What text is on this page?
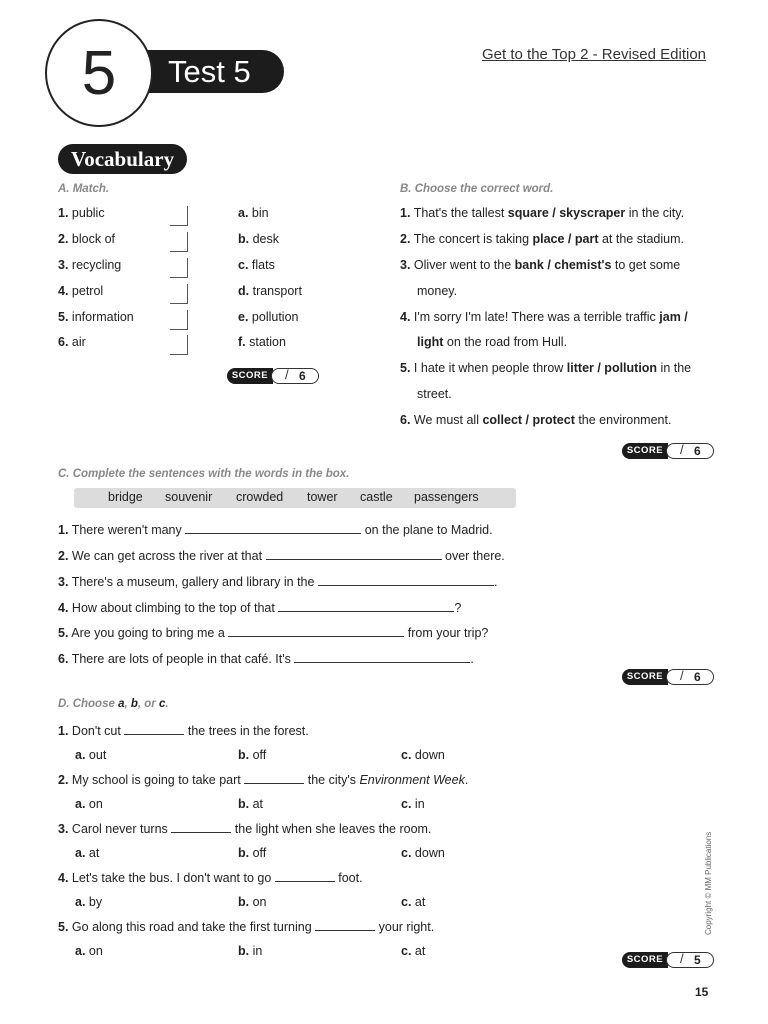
5	Test 5	Get to the Top 2 - Revised Edition
Vocabulary
A. Match.
1. public
2. block of
3. recycling
4. petrol
5. information
6. air
a. bin
b. desk
c. flats
d. transport
e. pollution
f. station
SCORE	/ 6
B. Choose the correct word.
1. That's the tallest square / skyscraper in the city.
2. The concert is taking place / part at the stadium.
3. Oliver went to the bank / chemist's to get some
money.
4. I'm sorry I'm late! There was a terrible traffic jam /
light on the road from Hull.
5. I hate it when people throw litter / pollution in the
street.
6. We must all collect / protect the environment.
SCORE	/ 6
C. Complete the sentences with the words in the box.
bridge souvenir crowded tower castle passengers
1. There weren't many	on the plane to Madrid.
2. We can get across the river at that	over there.
3. There's a museum, gallery and library in the	.
4. How about climbing to the top of that	?
5. Are you going to bring me a	from your trip?
6. There are lots of people in that café. It's	.
SCORE	/ 6
D. Choose a, b, or c.
1. Don't cut	the trees in the forest.
a. out	b. off	c. down
2. My school is going to take part	the city's Environment Week.
a. on	b. at	c. in
3. Carol never turns	the light when she leaves the room.
a. at	b. off	c. down
4. Let's take the bus. I don't want to go	foot.
a. by	b. on	c. at
5. Go along this road and take the first turning	your right.
a. on	b. in	c. at
SCORE	/ 5
Copyright © MM Publications
15
